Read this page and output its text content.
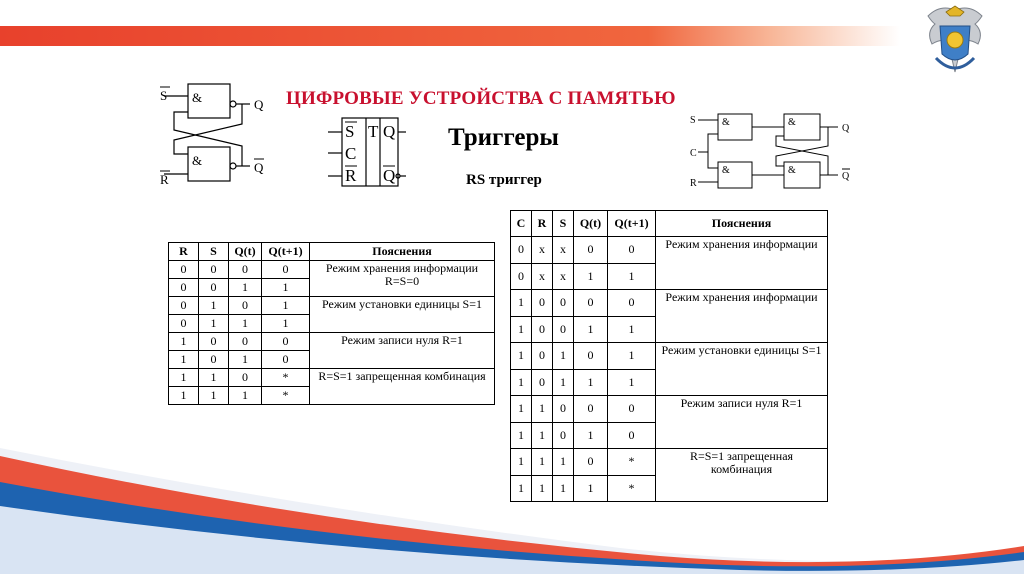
ЦИФРОВЫЕ УСТРОЙСТВА С ПАМЯТЬЮ
Триггеры
RS триггер
&
&
S
R
Q
Q
S
C
R
T Q
Q
&
&
&
&
S
C
R
Q
Q
R	S	Q(t)	Q(t+1)	Пояснения
0	0	0	0	Режим хранения информации R=S=0
0	0	1	1	
0	1	0	1	Режим установки единицы S=1
0	1	1	1	
1	0	0	0	Режим записи нуля R=1
1	0	1	0	
1	1	0	*	R=S=1 запрещенная комбинация
1	1	1	*	
C	R	S	Q(t)	Q(t+1)	Пояснения
0	x	x	0	0	Режим хранения информации
0	x	x	1	1	
1	0	0	0	0	Режим хранения информации
1	0	0	1	1	
1	0	1	0	1	Режим установки единицы S=1
1	0	1	1	1	
1	1	0	0	0	Режим записи нуля R=1
1	1	0	1	0	
1	1	1	0	*	R=S=1 запрещенная комбинация
1	1	1	1	*	
